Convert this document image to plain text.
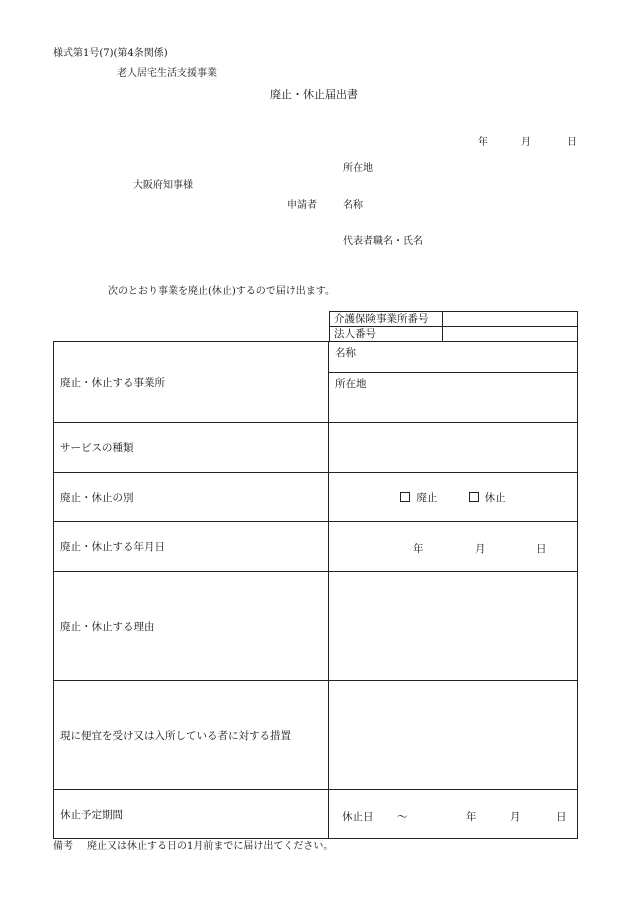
様式第1号(7)(第4条関係)
老人居宅生活支援事業
廃止・休止届出書
年	月	日
所在地
大阪府知事様
申請者	名称
代表者職名・氏名
次のとおり事業を廃止(休止)するので届け出ます。
介護保険事業所番号	
法人番号	
廃止・休止する事業所	名称
所在地

サービスの種類	
廃止・休止の別	廃止 休止
廃止・休止する年月日	年 月 日

廃止・休止する理由	
現に便宜を受け又は入所している者に対する措置	
休止予定期間	休止日 ～ 年 月 日
備考 廃止又は休止する日の1月前までに届け出てください。
